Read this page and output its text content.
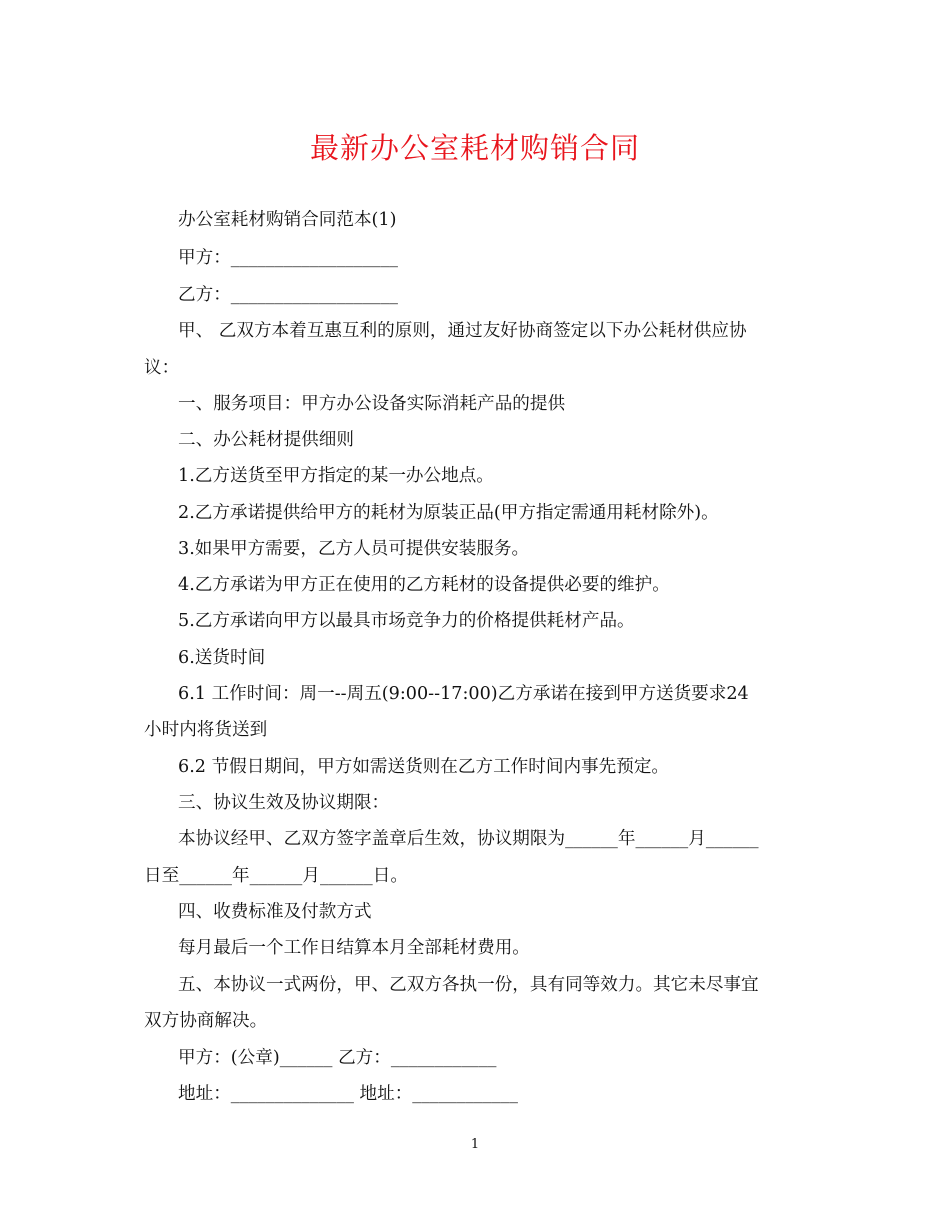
最新办公室耗材购销合同
办公室耗材购销合同范本(1)
甲方：___________________
乙方：___________________
甲、 乙双方本着互惠互利的原则，通过友好协商签定以下办公耗材供应协
议：
一、服务项目：甲方办公设备实际消耗产品的提供
二、办公耗材提供细则
1.乙方送货至甲方指定的某一办公地点。
2.乙方承诺提供给甲方的耗材为原装正品(甲方指定需通用耗材除外)。
3.如果甲方需要，乙方人员可提供安装服务。
4.乙方承诺为甲方正在使用的乙方耗材的设备提供必要的维护。
5.乙方承诺向甲方以最具市场竞争力的价格提供耗材产品。
6.送货时间
6.1 工作时间：周一--周五(9:00--17:00)乙方承诺在接到甲方送货要求24
小时内将货送到
6.2 节假日期间，甲方如需送货则在乙方工作时间内事先预定。
三、协议生效及协议期限：
本协议经甲、乙双方签字盖章后生效，协议期限为______年______月______
日至______年______月______日。
四、收费标准及付款方式
每月最后一个工作日结算本月全部耗材费用。
五、本协议一式两份，甲、乙双方各执一份，具有同等效力。其它未尽事宜
双方协商解决。
甲方：(公章)______ 乙方：____________
地址：______________ 地址：____________
1
